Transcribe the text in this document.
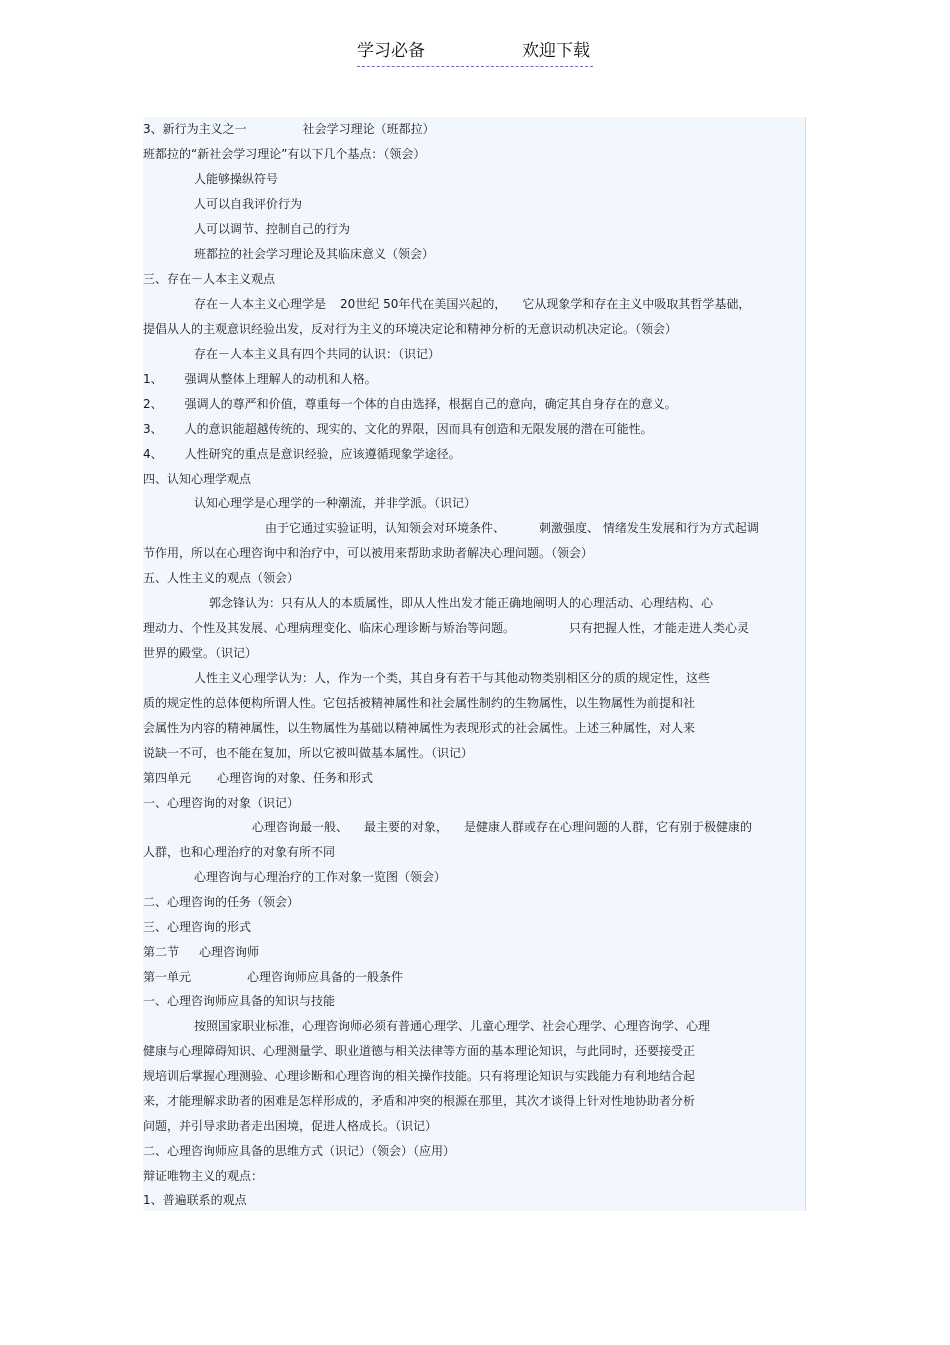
学习必备	欢迎下载
3、新行为主义之一	社会学习理论（班都拉）
班都拉的“新社会学习理论”有以下几个基点：（领会）
人能够操纵符号
人可以自我评价行为
人可以调节、控制自己的行为
班都拉的社会学习理论及其临床意义（领会）
三、存在－人本主义观点
存在－人本主义心理学是 20世纪 50年代在美国兴起的， 它从现象学和存在主义中吸取其哲学基础，
提倡从人的主观意识经验出发，反对行为主义的环境决定论和精神分析的无意识动机决定论。（领会）
存在－人本主义具有四个共同的认识：（识记）
1、 强调从整体上理解人的动机和人格。
2、 强调人的尊严和价值，尊重每一个体的自由选择，根据自己的意向，确定其自身存在的意义。
3、 人的意识能超越传统的、现实的、文化的界限，因而具有创造和无限发展的潜在可能性。
4、 人性研究的重点是意识经验，应该遵循现象学途径。
四、认知心理学观点
认知心理学是心理学的一种潮流，并非学派。（识记）
由于它通过实验证明，认知领会对环境条件、	刺激强度、 情绪发生发展和行为方式起调
节作用，所以在心理咨询中和治疗中，可以被用来帮助求助者解决心理问题。（领会）
五、人性主义的观点（领会）
郭念锋认为：只有从人的本质属性，即从人性出发才能正确地阐明人的心理活动、心理结构、心
理动力、个性及其发展、心理病理变化、临床心理诊断与矫治等问题。	只有把握人性，才能走进人类心灵
世界的殿堂。（识记）
人性主义心理学认为：人，作为一个类，其自身有若干与其他动物类别相区分的质的规定性，这些
质的规定性的总体便构所谓人性。它包括被精神属性和社会属性制约的生物属性，以生物属性为前提和社
会属性为内容的精神属性，以生物属性为基础以精神属性为表现形式的社会属性。上述三种属性，对人来
说缺一不可，也不能在复加，所以它被叫做基本属性。（识记）
第四单元 心理咨询的对象、任务和形式
一、心理咨询的对象（识记）
心理咨询最一般、 最主要的对象， 是健康人群或存在心理问题的人群，它有别于极健康的
人群，也和心理治疗的对象有所不同
心理咨询与心理治疗的工作对象一览图（领会）
二、心理咨询的任务（领会）
三、心理咨询的形式
第二节 心理咨询师
第一单元	心理咨询师应具备的一般条件
一、心理咨询师应具备的知识与技能
按照国家职业标准，心理咨询师必须有普通心理学、儿童心理学、社会心理学、心理咨询学、心理
健康与心理障碍知识、心理测量学、职业道德与相关法律等方面的基本理论知识，与此同时，还要接受正
规培训后掌握心理测验、心理诊断和心理咨询的相关操作技能。只有将理论知识与实践能力有利地结合起
来，才能理解求助者的困难是怎样形成的，矛盾和冲突的根源在那里，其次才谈得上针对性地协助者分析
问题，并引导求助者走出困境，促进人格成长。（识记）
二、心理咨询师应具备的思维方式（识记）（领会）（应用）
辩证唯物主义的观点：
1、普遍联系的观点
